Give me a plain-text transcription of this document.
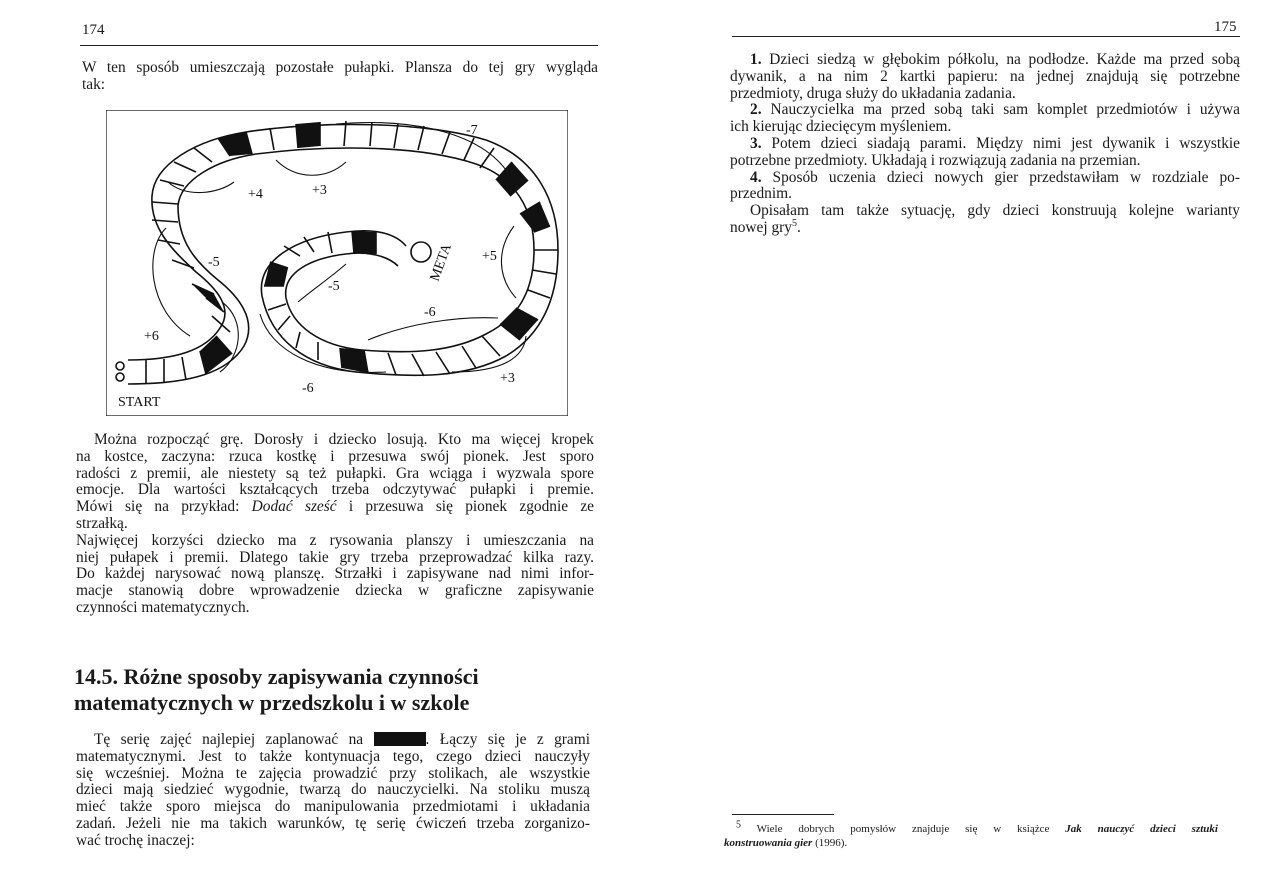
174
W ten sposób umieszczają pozostałe pułapki. Plansza do tej gry wygląda
tak:
-7
+4	+3
-5	+5
-5
-6
+6
-6
+3
START
META
Można rozpocząć grę. Dorosły i dziecko losują. Kto ma więcej kropek
na kostce, zaczyna: rzuca kostkę i przesuwa swój pionek. Jest sporo
radości z premii, ale niestety są też pułapki. Gra wciąga i wyzwala spore
emocje. Dla wartości kształcących trzeba odczytywać pułapki i premie.
Mówi się na przykład: Dodać sześć i przesuwa się pionek zgodnie ze
strzałką.
Najwięcej korzyści dziecko ma z rysowania planszy i umieszczania na
niej pułapek i premii. Dlatego takie gry trzeba przeprowadzać kilka razy.
Do każdej narysować nową planszę. Strzałki i zapisywane nad nimi infor-
macje stanowią dobre wprowadzenie dziecka w graficzne zapisywanie
czynności matematycznych.
14.5. Różne sposoby zapisywania czynności
matematycznych w przedszkolu i w szkole
Tę serię zajęć najlepiej zaplanować na	. Łączy się je z grami
matematycznymi. Jest to także kontynuacja tego, czego dzieci nauczyły
się wcześniej. Można te zajęcia prowadzić przy stolikach, ale wszystkie
dzieci mają siedzieć wygodnie, twarzą do nauczycielki. Na stoliku muszą
mieć także sporo miejsca do manipulowania przedmiotami i układania
zadań. Jeżeli nie ma takich warunków, tę serię ćwiczeń trzeba zorganizo-
wać trochę inaczej:
175
1. Dzieci siedzą w głębokim półkolu, na podłodze. Każde ma przed sobą
dywanik, a na nim 2 kartki papieru: na jednej znajdują się potrzebne
przedmioty, druga służy do układania zadania.
2. Nauczycielka ma przed sobą taki sam komplet przedmiotów i używa
ich kierując dziecięcym myśleniem.
3. Potem dzieci siadają parami. Między nimi jest dywanik i wszystkie
potrzebne przedmioty. Układają i rozwiązują zadania na przemian.
4. Sposób uczenia dzieci nowych gier przedstawiłam w rozdziale po-
przednim.
Opisałam tam także sytuację, gdy dzieci konstruują kolejne warianty
nowej gry$^5$.
$^5$ Wiele dobrych pomysłów znajduje się w książce Jak nauczyć dzieci sztuki
konstruowania gier (1996).
